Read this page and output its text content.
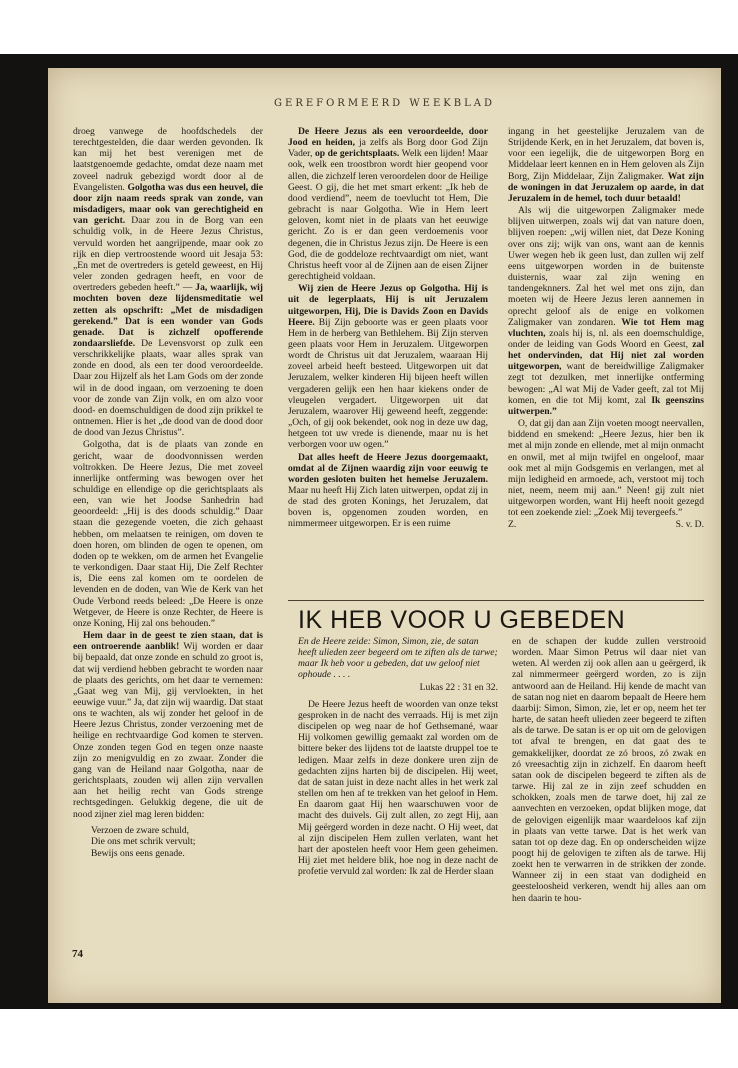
GEREFORMEERD WEEKBLAD

droeg vanwege de hoofdschedels der terechtgestelden, die daar werden gevonden. Ik kan mij het best verenigen met de laatstgenoemde gedachte, omdat deze naam met zoveel nadruk gebezigd wordt door al de Evangelisten. Golgotha was dus een heuvel, die door zijn naam reeds sprak van zonde, van misdadigers, maar ook van gerechtigheid en van gericht. Daar zou in de Borg van een schuldig volk, in de Heere Jezus Christus, vervuld worden het aangrijpende, maar ook zo rijk en diep vertroostende woord uit Jesaja 53: „En met de overtreders is geteld geweest, en Hij veler zonden gedragen heeft, en voor de overtreders gebeden heeft.” — Ja, waarlijk, wij mochten boven deze lijdensmeditatie wel zetten als opschrift: „Met de misdadigen gerekend.” Dat is een wonder van Gods genade. Dat is zichzelf opofferende zondaarsliefde. De Levensvorst op zulk een verschrikkelijke plaats, waar alles sprak van zonde en dood, als een ter dood veroordeelde. Daar zou Hijzelf als het Lam Gods om der zonde wil in de dood ingaan, om verzoening te doen voor de zonde van Zijn volk, en om alzo voor dood- en doemschuldigen de dood zijn prikkel te ontnemen. Hier is het „de dood van de dood door de dood van Jezus Christus”.

Golgotha, dat is de plaats van zonde en gericht, waar de doodvonnissen werden voltrokken. De Heere Jezus, Die met zoveel innerlijke ontferming was bewogen over het schuldige en ellendige op die gerichtsplaats als een, van wie het Joodse Sanhedrin had geoordeeld: „Hij is des doods schuldig.” Daar staan die gezegende voeten, die zich gehaast hebben, om melaatsen te reinigen, om doven te doen horen, om blinden de ogen te openen, om doden op te wekken, om de armen het Evangelie te verkondigen. Daar staat Hij, Die Zelf Rechter is, Die eens zal komen om te oordelen de levenden en de doden, van Wie de Kerk van het Oude Verbond reeds beleed: „De Heere is onze Wetgever, de Heere is onze Rechter, de Heere is onze Koning, Hij zal ons behouden.”

Hem daar in de geest te zien staan, dat is een ontroerende aanblik! Wij worden er daar bij bepaald, dat onze zonde en schuld zo groot is, dat wij verdiend hebben gebracht te worden naar de plaats des gerichts, om het daar te vernemen: „Gaat weg van Mij, gij vervloekten, in het eeuwige vuur.” Ja, dat zijn wij waardig. Dat staat ons te wachten, als wij zonder het geloof in de Heere Jezus Christus, zonder verzoening met de heilige en rechtvaardige God komen te sterven. Onze zonden tegen God en tegen onze naaste zijn zo menigvuldig en zo zwaar. Zonder die gang van de Heiland naar Golgotha, naar de gerichtsplaats, zouden wij allen zijn vervallen aan het heilig recht van Gods strenge rechtsgedingen. Gelukkig degene, die uit de nood zijner ziel mag leren bidden:

Verzoen de zware schuld,
Die ons met schrik vervult;
Bewijs ons eens genade.

De Heere Jezus als een veroordeelde, door Jood en heiden, ja zelfs als Borg door God Zijn Vader, op de gerichtsplaats. Welk een lijden! Maar ook, welk een troostbron wordt hier geopend voor allen, die zichzelf leren veroordelen door de Heilige Geest. O gij, die het met smart erkent: „Ik heb de dood verdiend”, neem de toevlucht tot Hem, Die gebracht is naar Golgotha. Wie in Hem leert geloven, komt niet in de plaats van het eeuwige gericht. Zo is er dan geen verdoemenis voor degenen, die in Christus Jezus zijn. De Heere is een God, die de goddeloze rechtvaardigt om niet, want Christus heeft voor al de Zijnen aan de eisen Zijner gerechtigheid voldaan.

Wij zien de Heere Jezus op Golgotha. Hij is uit de legerplaats, Hij is uit Jeruzalem uitgeworpen, Hij, Die is Davids Zoon en Davids Heere. Bij Zijn geboorte was er geen plaats voor Hem in de herberg van Bethlehem. Bij Zijn sterven geen plaats voor Hem in Jeruzalem. Uitgeworpen wordt de Christus uit dat Jeruzalem, waaraan Hij zoveel arbeid heeft besteed. Uitgeworpen uit dat Jeruzalem, welker kinderen Hij bijeen heeft willen vergaderen gelijk een hen haar kiekens onder de vleugelen vergadert. Uitgeworpen uit dat Jeruzalem, waarover Hij geweend heeft, zeggende: „Och, of gij ook bekendet, ook nog in deze uw dag, hetgeen tot uw vrede is dienende, maar nu is het verborgen voor uw ogen.”

Dat alles heeft de Heere Jezus doorgemaakt, omdat al de Zijnen waardig zijn voor eeuwig te worden gesloten buiten het hemelse Jeruzalem. Maar nu heeft Hij Zich laten uitwerpen, opdat zij in de stad des groten Konings, het Jeruzalem, dat boven is, opgenomen zouden worden, en nimmermeer uitgeworpen. Er is een ruime

ingang in het geestelijke Jeruzalem van de Strijdende Kerk, en in het Jeruzalem, dat boven is, voor een iegelijk, die de uitgeworpen Borg en Middelaar leert kennen en in Hem geloven als Zijn Borg, Zijn Middelaar, Zijn Zaligmaker. Wat zijn de woningen in dat Jeruzalem op aarde, in dat Jeruzalem in de hemel, toch duur betaald!

Als wij die uitgeworpen Zaligmaker mede blijven uitwerpen, zoals wij dat van nature doen, blijven roepen: „wij willen niet, dat Deze Koning over ons zij; wijk van ons, want aan de kennis Uwer wegen heb ik geen lust, dan zullen wij zelf eens uitgeworpen worden in de buitenste duisternis, waar zal zijn wening en tandengeknners. Zal het wel met ons zijn, dan moeten wij de Heere Jezus leren aannemen in oprecht geloof als de enige en volkomen Zaligmaker van zondaren. Wie tot Hem mag vluchten, zoals hij is, nl. als een doemschuldige, onder de leiding van Gods Woord en Geest, zal het ondervinden, dat Hij niet zal worden uitgeworpen, want de bereidwillige Zaligmaker zegt tot dezulken, met innerlijke ontferming bewogen: „Al wat Mij de Vader geeft, zal tot Mij komen, en die tot Mij komt, zal Ik geenszins uitwerpen.”

O, dat gij dan aan Zijn voeten moogt neervallen, biddend en smekend: „Heere Jezus, hier ben ik met al mijn zonde en ellende, met al mijn onmacht en onwil, met al mijn twijfel en ongeloof, maar ook met al mijn Godsgemis en verlangen, met al mijn ledigheid en armoede, ach, verstoot mij toch niet, neem, neem mij aan.” Neen! gij zult niet uitgeworpen worden, want Hij heeft nooit gezegd tot een zoekende ziel: „Zoek Mij tevergeefs.”

Z.	S. v. D.
IK HEB VOOR U GEBEDEN

En de Heere zeide: Simon, Simon, zie, de satan heeft ulieden zeer begeerd om te ziften als de tarwe; maar Ik heb voor u gebeden, dat uw geloof niet ophoude . . . .

Lukas 22 : 31 en 32.

De Heere Jezus heeft de woorden van onze tekst gesproken in de nacht des verraads. Hij is met zijn discipelen op weg naar de hof Gethsemané, waar Hij volkomen gewillig gemaakt zal worden om de bittere beker des lijdens tot de laatste druppel toe te ledigen. Maar zelfs in deze donkere uren zijn de gedachten zijns harten bij de discipelen. Hij weet, dat de satan juist in deze nacht alles in het werk zal stellen om hen af te trekken van het geloof in Hem. En daarom gaat Hij hen waarschuwen voor de macht des duivels. Gij zult allen, zo zegt Hij, aan Mij geërgerd worden in deze nacht. O Hij weet, dat al zijn discipelen Hem zullen verlaten, want het hart der apostelen heeft voor Hem geen geheimen. Hij ziet met heldere blik, hoe nog in deze nacht de profetie vervuld zal worden: Ik zal de Herder slaan

en de schapen der kudde zullen verstrooid worden. Maar Simon Petrus wil daar niet van weten. Al werden zij ook allen aan u geërgerd, ik zal nimmermeer geërgerd worden, zo is zijn antwoord aan de Heiland. Hij kende de macht van de satan nog niet en daarom bepaalt de Heere hem daarbij: Simon, Simon, zie, let er op, neem het ter harte, de satan heeft ulieden zeer begeerd te ziften als de tarwe. De satan is er op uit om de gelovigen tot afval te brengen, en dat gaat des te gemakkelijker, doordat ze zó broos, zó zwak en zó vreesachtig zijn in zichzelf. En daarom heeft satan ook de discipelen begeerd te ziften als de tarwe. Hij zal ze in zijn zeef schudden en schokken, zoals men de tarwe doet, hij zal ze aanvechten en verzoeken, opdat blijken moge, dat de gelovigen eigenlijk maar waardeloos kaf zijn in plaats van vette tarwe. Dat is het werk van satan tot op deze dag. En op onderscheiden wijze poogt hij de gelovigen te ziften als de tarwe. Hij zoekt hen te verwarren in de strikken der zonde. Wanneer zij in een staat van dodigheid en geesteloosheid verkeren, wendt hij alles aan om hen daarin te hou-

74
